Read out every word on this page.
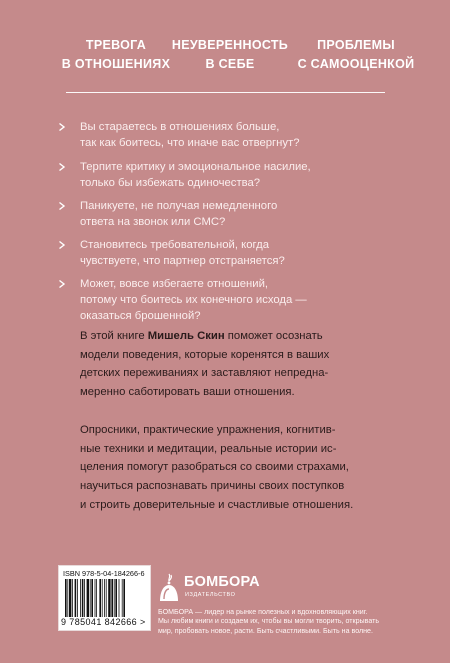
ТРЕВОГА
В ОТНОШЕНИЯХ
НЕУВЕРЕННОСТЬ
В СЕБЕ
ПРОБЛЕМЫ
С САМООЦЕНКОЙ
Вы стараетесь в отношениях больше,
так как боитесь, что иначе вас отвергнут?
Терпите критику и эмоциональное насилие,
только бы избежать одиночества?
Паникуете, не получая немедленного
ответа на звонок или СМС?
Становитесь требовательной, когда
чувствуете, что партнер отстраняется?
Может, вовсе избегаете отношений,
потому что боитесь их конечного исхода —
оказаться брошенной?
В этой книге Мишель Скин поможет осознать
модели поведения, которые коренятся в ваших
детских переживаниях и заставляют непредна-
меренно саботировать ваши отношения.
Опросники, практические упражнения, когнитив-
ные техники и медитации, реальные истории ис-
целения помогут разобраться со своими страхами,
научиться распознавать причины своих поступков
и строить доверительные и счастливые отношения.
ISBN 978-5-04-184266-6
9 785041 842666 >
БОМБОРА
ИЗДАТЕЛЬСТВО
БОМБОРА — лидер на рынке полезных и вдохновляющих книг.
Мы любим книги и создаем их, чтобы вы могли творить, открывать
мир, пробовать новое, расти. Быть счастливыми. Быть на волне.
